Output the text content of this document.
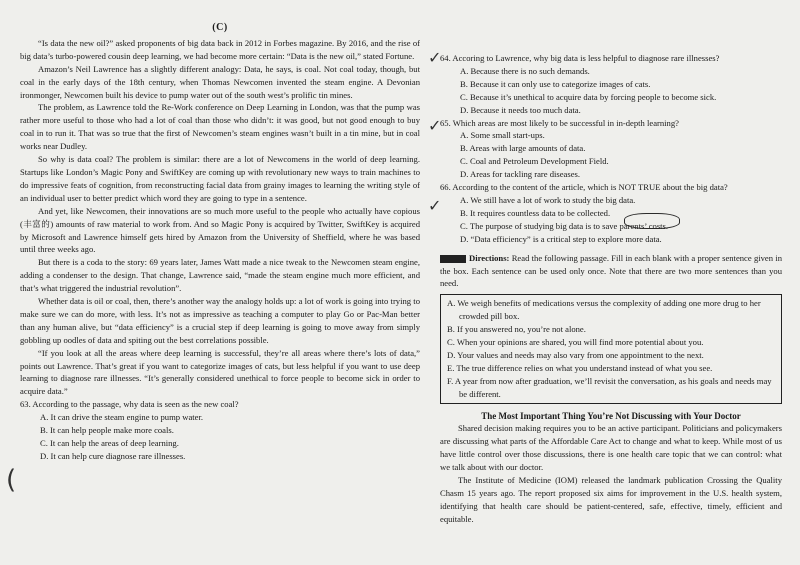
(C)

“Is data the new oil?” asked proponents of big data back in 2012 in Forbes magazine. By 2016, and the rise of big data’s turbo-powered cousin deep learning, we had become more certain: “Data is the new oil,” stated Fortune.

Amazon’s Neil Lawrence has a slightly different analogy: Data, he says, is coal. Not coal today, though, but coal in the early days of the 18th century, when Thomas Newcomen invented the steam engine. A Devonian ironmonger, Newcomen built his device to pump water out of the south west’s prolific tin mines.

The problem, as Lawrence told the Re-Work conference on Deep Learning in London, was that the pump was rather more useful to those who had a lot of coal than those who didn’t: it was good, but not good enough to buy coal in to run it. That was so true that the first of Newcomen’s steam engines wasn’t built in a tin mine, but in coal works near Dudley.

So why is data coal? The problem is similar: there are a lot of Newcomens in the world of deep learning. Startups like London’s Magic Pony and SwiftKey are coming up with revolutionary new ways to train machines to do impressive feats of cognition, from reconstructing facial data from grainy images to learning the writing style of an individual user to better predict which word they are going to type in a sentence.

And yet, like Newcomen, their innovations are so much more useful to the people who actually have copious (丰富的) amounts of raw material to work from. And so Magic Pony is acquired by Twitter, SwiftKey is acquired by Microsoft and Lawrence himself gets hired by Amazon from the University of Sheffield, where he was based until three weeks ago.

But there is a coda to the story: 69 years later, James Watt made a nice tweak to the Newcomen steam engine, adding a condenser to the design. That change, Lawrence said, “made the steam engine much more efficient, and that’s what triggered the industrial revolution”.

Whether data is oil or coal, then, there’s another way the analogy holds up: a lot of work is going into trying to make sure we can do more, with less. It’s not as impressive as teaching a computer to play Go or Pac-Man better than any human alive, but “data efficiency” is a crucial step if deep learning is going to move away from simply gobbling up oodles of data and spiting out the best correlations possible.

“If you look at all the areas where deep learning is successful, they’re all areas where there’s lots of data,” points out Lawrence. That’s great if you want to categorize images of cats, but less helpful if you want to use deep learning to diagnose rare illnesses. “It’s generally considered unethical to force people to become sick in order to acquire data.”

63. According to the passage, why data is seen as the new coal?
A. It can drive the steam engine to pump water.
B. It can help people make more coals.
C. It can help the areas of deep learning.
D. It can help cure diagnose rare illnesses.
64. Accoring to Lawrence, why big data is less helpful to diagnose rare illnesses?
A. Because there is no such demands.
B. Because it can only use to categorize images of cats.
C. Because it’s unethical to acquire data by forcing people to become sick.
D. Because it needs too much data.
65. Which areas are most likely to be successful in in-depth learning?
A. Some small start-ups.
B. Areas with large amounts of data.
C. Coal and Petroleum Development Field.
D. Areas for tackling rare diseases.
66. According to the content of the article, which is NOT TRUE about the big data?
A. We still have a lot of work to study the big data.
B. It requires countless data to be collected.
C. The purpose of studying big data is to save parents’ costs.
D. “Data efficiency” is a critical step to explore more data.
Directions: Read the following passage. Fill in each blank with a proper sentence given in the box. Each sentence can be used only once. Note that there are two more sentences than you need.
A. We weigh benefits of medications versus the complexity of adding one more drug to her crowded pill box.
B. If you answered no, you’re not alone.
C. When your opinions are shared, you will find more potential about you.
D. Your values and needs may also vary from one appointment to the next.
E. The true difference relies on what you understand instead of what you see.
F. A year from now after graduation, we’ll revisit the conversation, as his goals and needs may be different.
The Most Important Thing You’re Not Discussing with Your Doctor

Shared decision making requires you to be an active participant. Politicians and policymakers are discussing what parts of the Affordable Care Act to change and what to keep. While most of us have little control over those discussions, there is one health care topic that we can control: what we talk about with our doctor.

The Institute of Medicine (IOM) released the landmark publication Crossing the Quality Chasm 15 years ago. The report proposed six aims for improvement in the U.S. health system, identifying that health care should be patient-centered, safe, effective, timely, efficient and equitable.

(
✓
✓
✓
